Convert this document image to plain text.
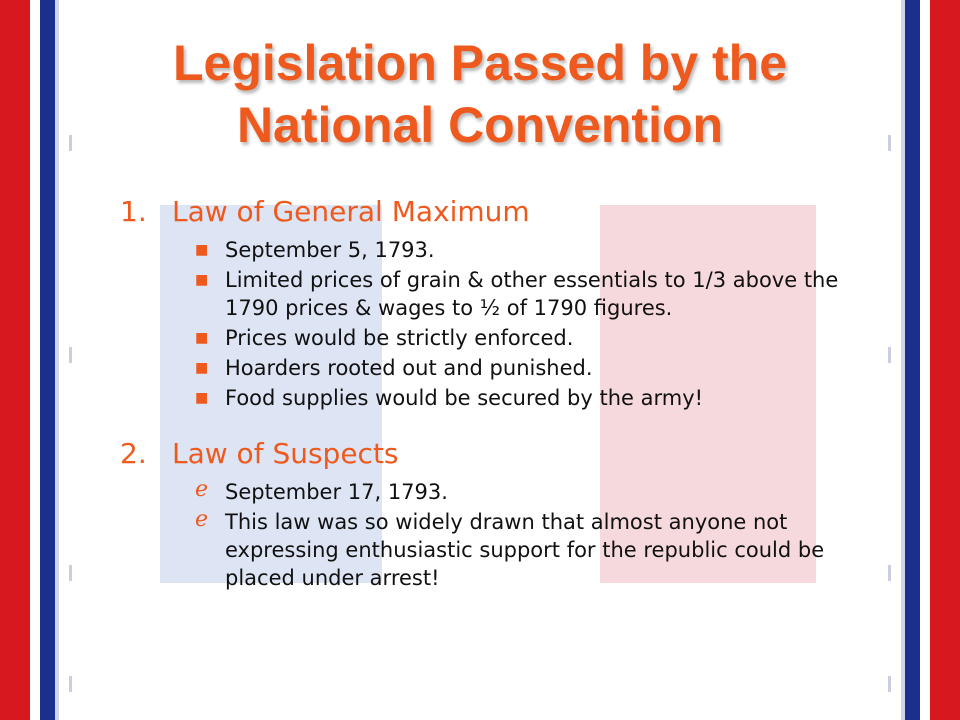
Legislation Passed by the National Convention
1. Law of General Maximum
■ September 5, 1793.
■ Limited prices of grain & other essentials to 1/3 above the 1790 prices & wages to ½ of 1790 figures.
■ Prices would be strictly enforced.
■ Hoarders rooted out and punished.
■ Food supplies would be secured by the army!
2. Law of Suspects
e September 17, 1793.
e This law was so widely drawn that almost anyone not expressing enthusiastic support for the republic could be placed under arrest!
